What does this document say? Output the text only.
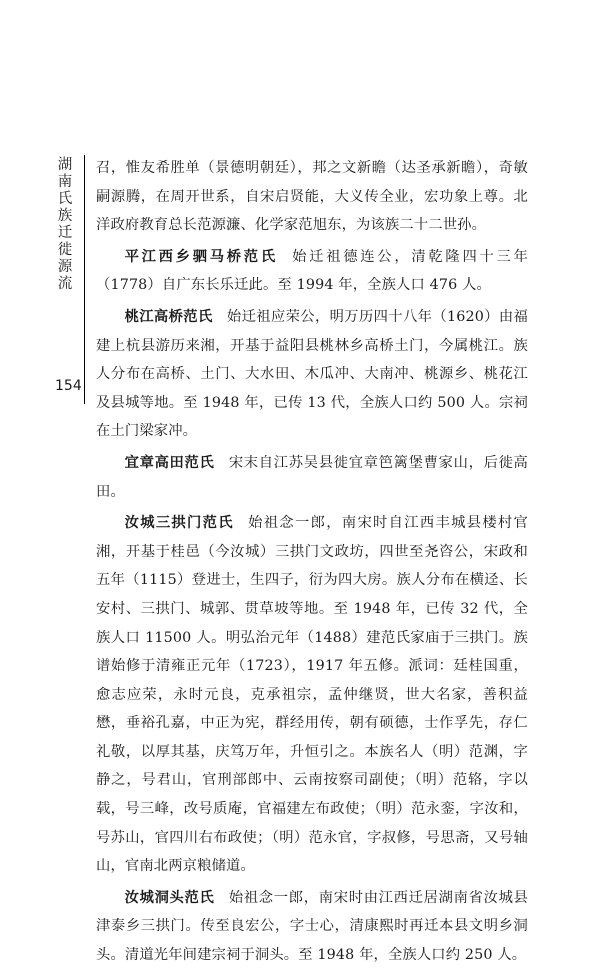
湖南氏族迁徙源流
154

召，惟友希胜单（景德明朝廷），邦之文新瞻（达圣承新瞻），奇敏嗣源腾，在周开世系，自宋启贤能，大义传全业，宏功象上尊。北洋政府教育总长范源濂、化学家范旭东，为该族二十二世孙。

平江西乡驷马桥范氏 始迁祖德连公，清乾隆四十三年（1778）自广东长乐迁此。至 1994 年，全族人口 476 人。

桃江高桥范氏 始迁祖应荣公，明万历四十八年（1620）由福建上杭县游历来湘，开基于益阳县桃林乡高桥土门，今属桃江。族人分布在高桥、土门、大水田、木瓜冲、大南冲、桃源乡、桃花江及县城等地。至 1948 年，已传 13 代，全族人口约 500 人。宗祠在土门梁家冲。

宜章高田范氏 宋末自江苏吴县徙宜章笆篱堡曹家山，后徙高田。

汝城三拱门范氏 始祖念一郎，南宋时自江西丰城县楼村官湘，开基于桂邑（今汝城）三拱门文政坊，四世至尧咨公，宋政和五年（1115）登进士，生四子，衍为四大房。族人分布在横迳、长安村、三拱门、城郭、贯草坡等地。至 1948 年，已传 32 代，全族人口 11500 人。明弘治元年（1488）建范氏家庙于三拱门。族谱始修于清雍正元年（1723），1917 年五修。派词：廷桂国重，愈志应荣，永时元良，克承祖宗，孟仲继贤，世大名家，善积益懋，垂裕孔嘉，中正为宪，群经用传，朝有硕德，士作孚先，存仁礼敬，以厚其基，庆笃万年，升恒引之。本族名人（明）范渊，字静之，号君山，官刑部郎中、云南按察司副使；（明）范辂，字以载，号三峰，改号质庵，官福建左布政使；（明）范永銮，字汝和，号苏山，官四川右布政使；（明）范永官，字叔修，号思斋，又号轴山，官南北两京粮储道。

汝城洞头范氏 始祖念一郎，南宋时由江西迁居湖南省汝城县津泰乡三拱门。传至良宏公，字士心，清康熙时再迁本县文明乡洞头。清道光年间建宗祠于洞头。至 1948 年，全族人口约 250 人。
